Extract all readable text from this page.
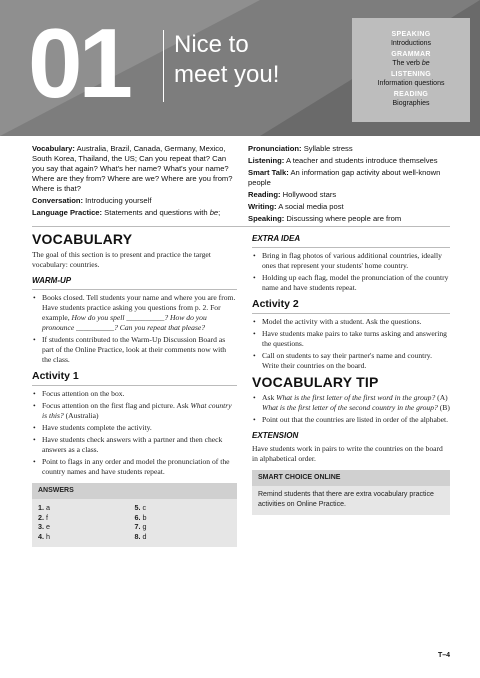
01 Nice to
meet you!
SPEAKING
Introductions
GRAMMAR
The verb be
LISTENING
Information questions
READING
Biographies

Vocabulary: Australia, Brazil, Canada, Germany, Mexico, South Korea, Thailand, the US; Can you repeat that? Can you say that again? What's her name? What's your name? Where are they from? Where are we? Where are you from? Where is that?

Conversation: Introducing yourself

Language Practice: Statements and questions with be;

Pronunciation: Syllable stress

Listening: A teacher and students introduce themselves

Smart Talk: An information gap activity about well-known people

Reading: Hollywood stars

Writing: A social media post

Speaking: Discussing where people are from

VOCABULARY

The goal of this section is to present and practice the target vocabulary: countries.

WARM-UP
• Books closed. Tell students your name and where you are from. Have students practice asking you questions from p. 2. For example, How do you spell __________? How do you pronounce __________? Can you repeat that please?
• If students contributed to the Warm-Up Discussion Board as part of the Online Practice, look at their comments now with the class.
Activity 1
• Focus attention on the box.
• Focus attention on the first flag and picture. Ask What country is this? (Australia)
• Have students complete the activity.
• Have students check answers with a partner and then check answers as a class.
• Point to flags in any order and model the pronunciation of the country names and have students repeat.
ANSWERS
1. a	5. c
2. f	6. b
3. e	7. g
4. h	8. d
EXTRA IDEA
• Bring in flag photos of various additional countries, ideally ones that represent your students' home country.
• Holding up each flag, model the pronunciation of the country name and have students repeat.
Activity 2
• Model the activity with a student. Ask the questions.
• Have students make pairs to take turns asking and answering the questions.
• Call on students to say their partner's name and country. Write their countries on the board.
VOCABULARY TIP
• Ask What is the first letter of the first word in the group? (A) What is the first letter of the second country in the group? (B)
• Point out that the countries are listed in order of the alphabet.
EXTENSION

Have students work in pairs to write the countries on the board in alphabetical order.

SMART CHOICE ONLINE
Remind students that there are extra vocabulary practice activities on Online Practice.
T–4
